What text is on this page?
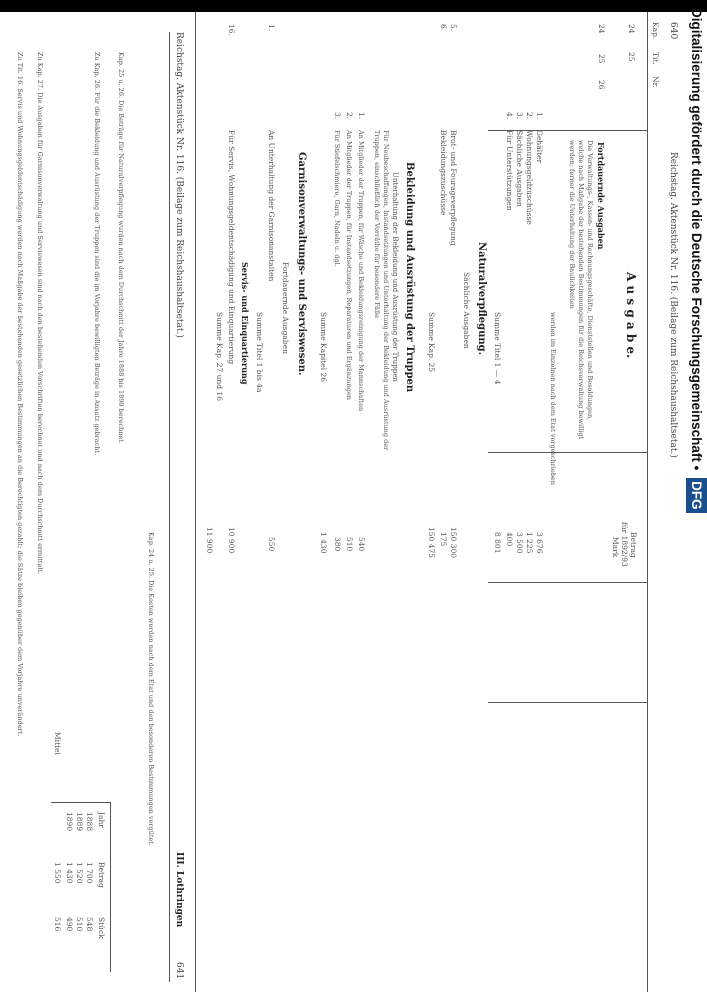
Digitalisierung gefördert durch die Deutsche Forschungsgemeinschaft • DFG
640
Reichstag. Aktenstück Nr. 116. (Beilage zum Reichshaushaltsetat.)
Kap.
Tit.
Nr.
24
25
A u s g a b e.
Betrag
für 1892/93
Mark
24
25
26
Fortdauernde Ausgaben
Die Verwaltungs-, Kassen- und Rechnungsgeschäfte, Dienststellen und Besoldungen, welche nach Maßgabe der bestehenden Bestimmungen für die Reichsverwaltung bewilligt werden; ferner die Unterhaltung der Baulichkeiten
werden im Einzelnen nach dem Etat vorgeschrieben
1.
Gehälter
3 676
2.
Wohnungsgeldzuschüsse
1 225
3.
Sächliche Ausgaben
3 500
4.
Für Unterstützungen
400
Summe Titel 1 — 4
8 801
Naturalverpflegung.
Sächliche Ausgaben
5.
Brot- und Fourageverpflegung
150 300
6.
Bekleidungszuschüsse
175
Summe Kap. 25
150 475
Bekleidung und Ausrüstung der Truppen
Unterhaltung der Bekleidung und Ausrüstung der Truppen
Für Neubeschaffungen, Instandsetzungen und Unterhaltung der Bekleidung und Ausrüstung der Truppen, einschließlich der Vorräthe für besondere Fälle
1.
An Mitglieder der Truppen, für Wäsche und Bekleidungsreinigung der Mannschaften
540
2.
An Mitglieder der Truppen, für Instandsetzungen, Reparaturen und Ergänzungen
510
3.
Für Stiefelschmiere, Garn, Nadeln u. dgl.
380
Summe Kapitel 26
1 430
Garnisonverwaltungs- und Serviswesen.
Fortdauernde Ausgaben
1.
An Unterhaltung der Garnisonanstalten
550
Summe Titel 1 bis 4a
Servis- und Einquartierung
16.
Für Servis, Wohnungsgeldentschädigung und Einquartierung
10 900
Summe Kap. 27 und 16
11 900
Reichstag. Aktenstück Nr. 116. (Beilage zum Reichshaushaltsetat.)
III. Lothringen
641
Kap. 24 u. 25. Die Kosten werden nach dem Etat und den besonderen Bestimmungen vergütet.
Kap. 25 u. 26. Die Beträge für Naturalverpflegung wurden nach dem Durchschnitt der Jahre 1888 bis 1890 berechnet.
Zu Kap. 26. Für die Bekleidung und Ausrüstung der Truppen sind die im Vorjahre bewilligten Beträge in Ansatz gebracht.
Jahr
Betrag
Stück
1888
1 700
548
1889
1 520
510
1890
1 430
490
Mittel
1 550
516
Zu Kap. 27. Die Ausgaben für Garnisonverwaltung und Serviswesen sind nach den bestehenden Vorschriften berechnet und nach dem Durchschnitt ermittelt.
Zu Tit. 16. Servis und Wohnungsgeldentschädigung werden nach Maßgabe der bestehenden gesetzlichen Bestimmungen an die Berechtigten gezahlt; die Sätze bleiben gegenüber dem Vorjahre unverändert.
